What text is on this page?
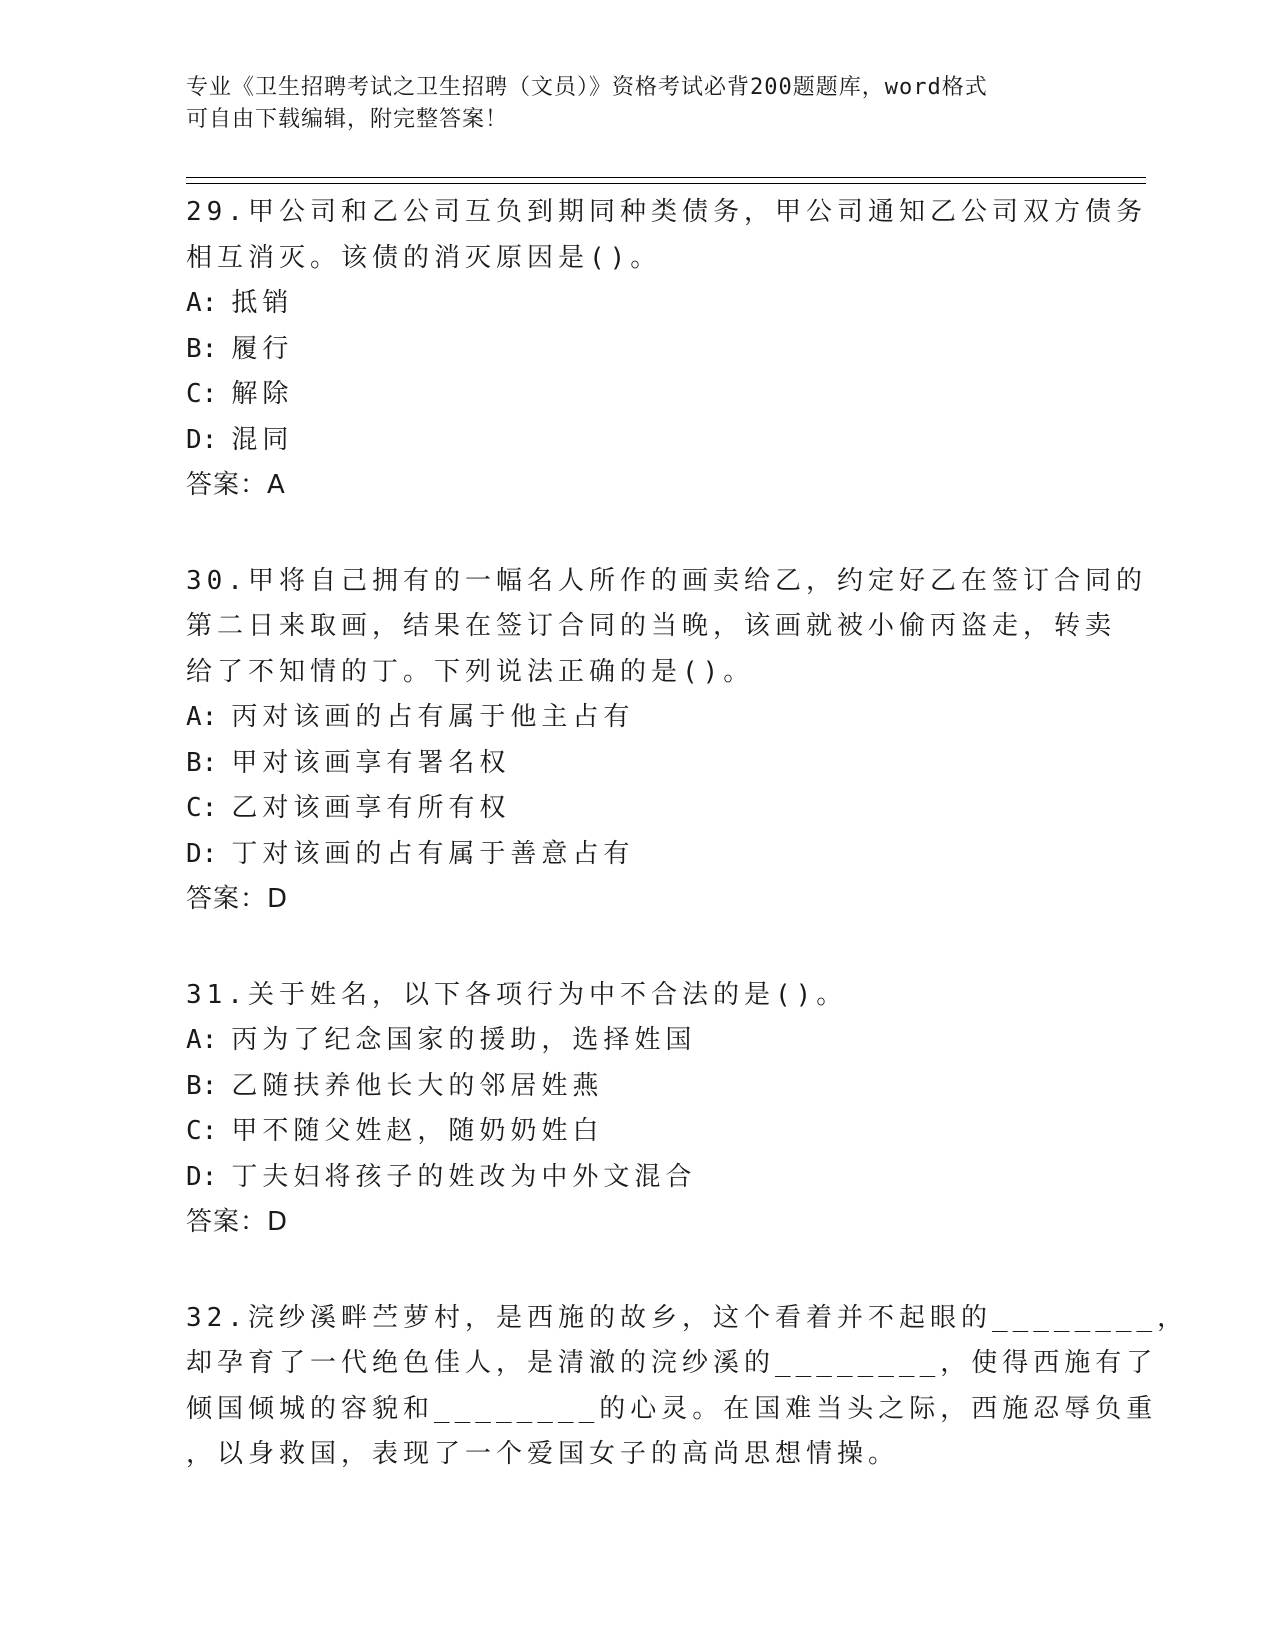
专业《卫生招聘考试之卫生招聘（文员）》资格考试必背200题题库，word格式
可自由下载编辑，附完整答案！
29.甲公司和乙公司互负到期同种类债务，甲公司通知乙公司双方债务
相互消灭。该债的消灭原因是()。
A: 抵销
B: 履行
C: 解除
D: 混同
答案：A
30.甲将自己拥有的一幅名人所作的画卖给乙，约定好乙在签订合同的
第二日来取画，结果在签订合同的当晚，该画就被小偷丙盗走，转卖
给了不知情的丁。下列说法正确的是()。
A: 丙对该画的占有属于他主占有
B: 甲对该画享有署名权
C: 乙对该画享有所有权
D: 丁对该画的占有属于善意占有
答案：D
31.关于姓名，以下各项行为中不合法的是()。
A: 丙为了纪念国家的援助，选择姓国
B: 乙随扶养他长大的邻居姓燕
C: 甲不随父姓赵，随奶奶姓白
D: 丁夫妇将孩子的姓改为中外文混合
答案：D
32.浣纱溪畔苎萝村，是西施的故乡，这个看着并不起眼的________，
却孕育了一代绝色佳人，是清澈的浣纱溪的________，使得西施有了
倾国倾城的容貌和________的心灵。在国难当头之际，西施忍辱负重
，以身救国，表现了一个爱国女子的高尚思想情操。
